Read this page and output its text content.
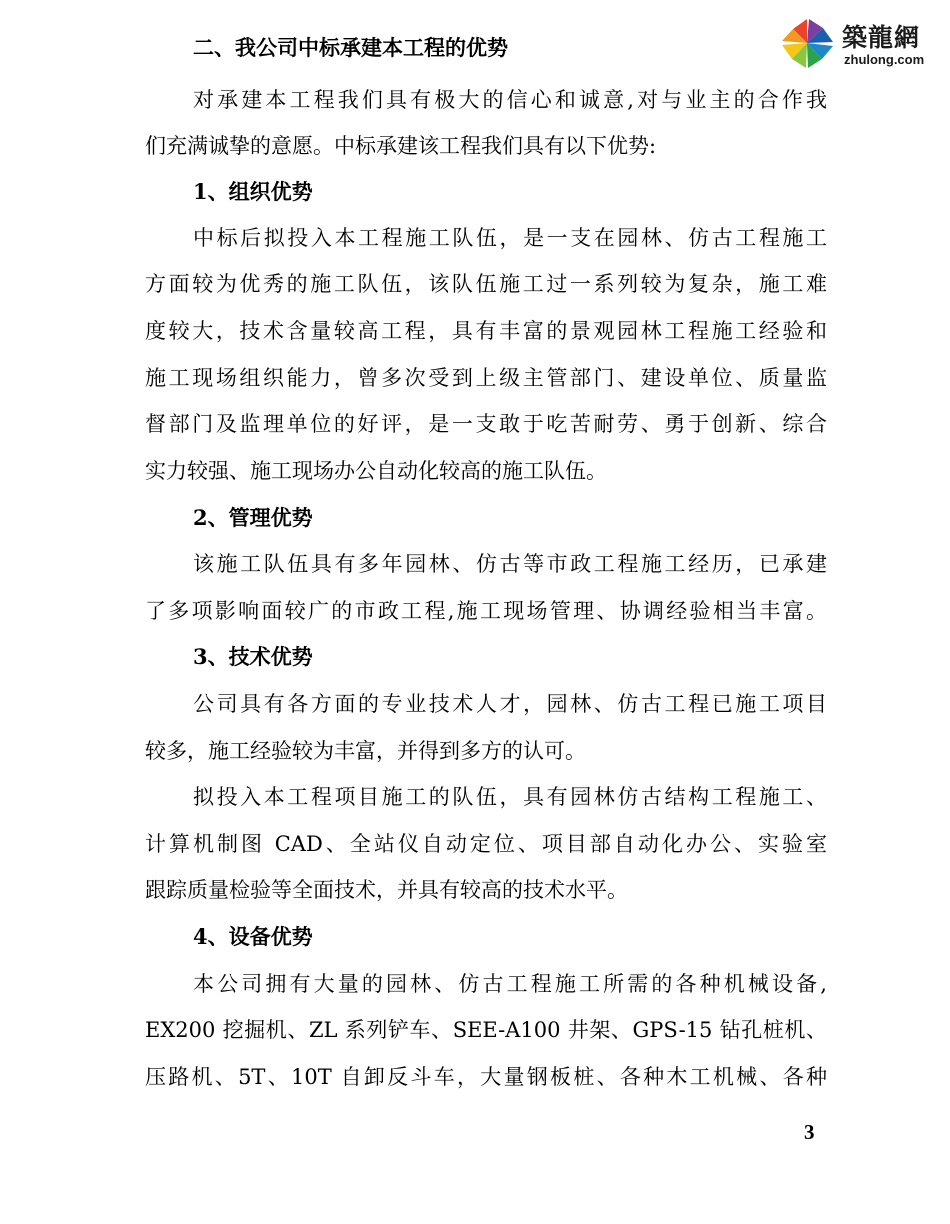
築龍網
zhulong.com
二、我公司中标承建本工程的优势
对承建本工程我们具有极大的信心和诚意,对与业主的合作我
们充满诚挚的意愿。中标承建该工程我们具有以下优势:
1、组织优势
中标后拟投入本工程施工队伍，是一支在园林、仿古工程施工
方面较为优秀的施工队伍，该队伍施工过一系列较为复杂，施工难
度较大，技术含量较高工程，具有丰富的景观园林工程施工经验和
施工现场组织能力，曾多次受到上级主管部门、建设单位、质量监
督部门及监理单位的好评，是一支敢于吃苦耐劳、勇于创新、综合
实力较强、施工现场办公自动化较高的施工队伍。
2、管理优势
该施工队伍具有多年园林、仿古等市政工程施工经历，已承建
了多项影响面较广的市政工程,施工现场管理、协调经验相当丰富。
3、技术优势
公司具有各方面的专业技术人才，园林、仿古工程已施工项目
较多，施工经验较为丰富，并得到多方的认可。
拟投入本工程项目施工的队伍，具有园林仿古结构工程施工、
计算机制图 CAD、全站仪自动定位、项目部自动化办公、实验室
跟踪质量检验等全面技术，并具有较高的技术水平。
4、设备优势
本公司拥有大量的园林、仿古工程施工所需的各种机械设备,
EX200 挖掘机、ZL 系列铲车、SEE-A100 井架、GPS-15 钻孔桩机、
压路机、5T、10T 自卸反斗车，大量钢板桩、各种木工机械、各种
3
